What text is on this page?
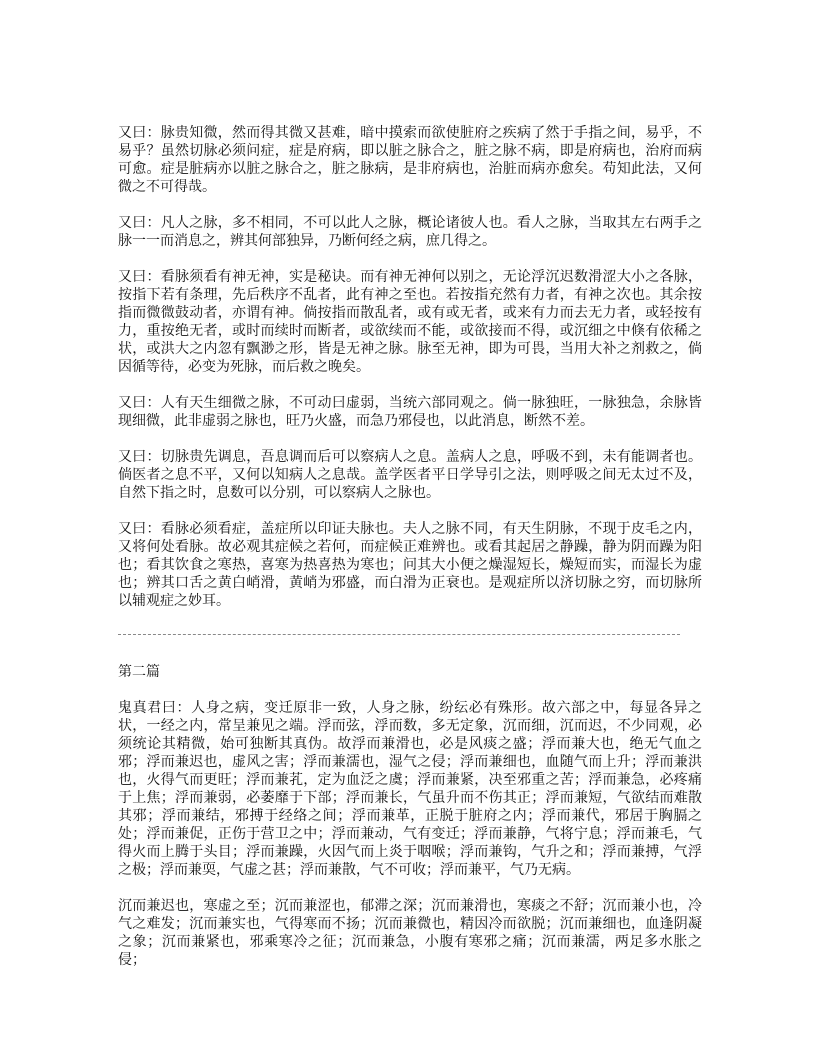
又曰：脉贵知微，然而得其微又甚难，暗中摸索而欲使脏府之疾病了然于手指之间，易乎，不易乎？虽然切脉必须问症，症是府病，即以脏之脉合之，脏之脉不病，即是府病也，治府而病可愈。症是脏病亦以脏之脉合之，脏之脉病，是非府病也，治脏而病亦愈矣。苟知此法，又何微之不可得哉。

又曰：凡人之脉，多不相同，不可以此人之脉，概论诸彼人也。看人之脉，当取其左右两手之脉一一而消息之，辨其何部独异，乃断何经之病，庶几得之。

又曰：看脉须看有神无神，实是秘诀。而有神无神何以别之，无论浮沉迟数滑涩大小之各脉，按指下若有条理，先后秩序不乱者，此有神之至也。若按指充然有力者，有神之次也。其余按指而微微鼓动者，亦谓有神。倘按指而散乱者，或有或无者，或来有力而去无力者，或轻按有力，重按绝无者，或时而续时而断者，或欲续而不能，或欲接而不得，或沉细之中倏有依稀之状，或洪大之内忽有飘渺之形，皆是无神之脉。脉至无神，即为可畏，当用大补之剂救之，倘因循等待，必变为死脉，而后救之晚矣。

又曰：人有天生细微之脉，不可动曰虚弱，当统六部同观之。倘一脉独旺，一脉独急，余脉皆现细微，此非虚弱之脉也，旺乃火盛，而急乃邪侵也，以此消息，断然不差。

又曰：切脉贵先调息，吾息调而后可以察病人之息。盖病人之息，呼吸不到，未有能调者也。倘医者之息不平，又何以知病人之息哉。盖学医者平日学导引之法，则呼吸之间无太过不及，自然下指之时，息数可以分别，可以察病人之脉也。

又曰：看脉必须看症，盖症所以印证夫脉也。夫人之脉不同，有天生阴脉，不现于皮毛之内，又将何处看脉。故必观其症候之若何，而症候正难辨也。或看其起居之静躁，静为阴而躁为阳也；看其饮食之寒热，喜寒为热喜热为寒也；问其大小便之燥湿短长，燥短而实，而湿长为虚也；辨其口舌之黄白峭滑，黄峭为邪盛，而白滑为正衰也。是观症所以济切脉之穷，而切脉所以辅观症之妙耳。

第二篇

鬼真君曰：人身之病，变迁原非一致，人身之脉，纷纭必有殊形。故六部之中，每显各异之状，一经之内，常呈兼见之端。浮而弦，浮而数，多无定象，沉而细，沉而迟，不少同观，必须统论其精微，始可独断其真伪。故浮而兼滑也，必是风痰之盛；浮而兼大也，绝无气血之邪；浮而兼迟也，虚风之害；浮而兼濡也，湿气之侵；浮而兼细也，血随气而上升；浮而兼洪也，火得气而更旺；浮而兼芤，定为血泛之虞；浮而兼紧，决至邪重之苦；浮而兼急，必疼痛于上焦；浮而兼弱，必萎靡于下部；浮而兼长，气虽升而不伤其正；浮而兼短，气欲结而难散其邪；浮而兼结，邪搏于经络之间；浮而兼革，正脱于脏府之内；浮而兼代，邪居于胸膈之处；浮而兼促，正伤于营卫之中；浮而兼动，气有变迁；浮而兼静，气将宁息；浮而兼毛，气得火而上腾于头目；浮而兼躁，火因气而上炎于咽喉；浮而兼钩，气升之和；浮而兼搏，气浮之极；浮而兼耎，气虚之甚；浮而兼散，气不可收；浮而兼平，气乃无病。

沉而兼迟也，寒虚之至；沉而兼涩也，郁滞之深；沉而兼滑也，寒痰之不舒；沉而兼小也，冷气之难发；沉而兼实也，气得寒而不扬；沉而兼微也，精因冷而欲脱；沉而兼细也，血逢阴凝之象；沉而兼紧也，邪乘寒冷之征；沉而兼急，小腹有寒邪之痛；沉而兼濡，两足多水胀之侵；
